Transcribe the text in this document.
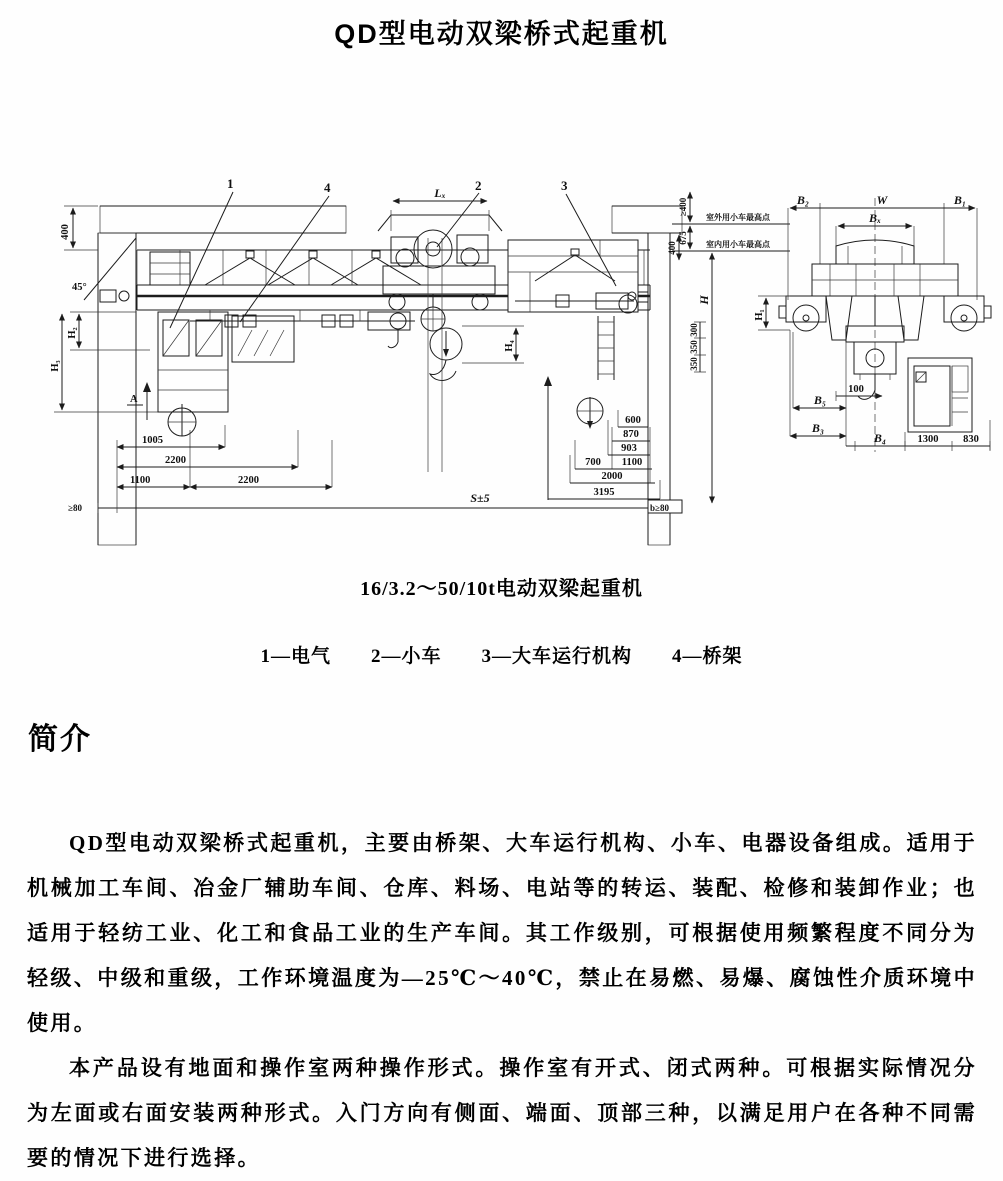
QD型电动双梁桥式起重机
400
45°
H₂
H₃
Lₓ
H₄
室外用小车最高点
室内用小车最高点
≥400
675
400
H
300
350
350
600
870
903
700 1100
2000
3195
S±5
≥80	b≥80
1005
2200
1100	2200
A
1	4	2	3
B₂	W	B₁
Bₓ
H₁
100
B₅
B₃
B₄	1300 830
16/3.2～50/10t电动双梁起重机
1—电气　　2—小车　　3—大车运行机构　　4—桥架
简介

QD型电动双梁桥式起重机，主要由桥架、大车运行机构、小车、电器设备组成。适用于机械加工车间、冶金厂辅助车间、仓库、料场、电站等的转运、装配、检修和装卸作业；也适用于轻纺工业、化工和食品工业的生产车间。其工作级别，可根据使用频繁程度不同分为轻级、中级和重级，工作环境温度为—25℃～40℃，禁止在易燃、易爆、腐蚀性介质环境中使用。

本产品设有地面和操作室两种操作形式。操作室有开式、闭式两种。可根据实际情况分为左面或右面安装两种形式。入门方向有侧面、端面、顶部三种，以满足用户在各种不同需要的情况下进行选择。
